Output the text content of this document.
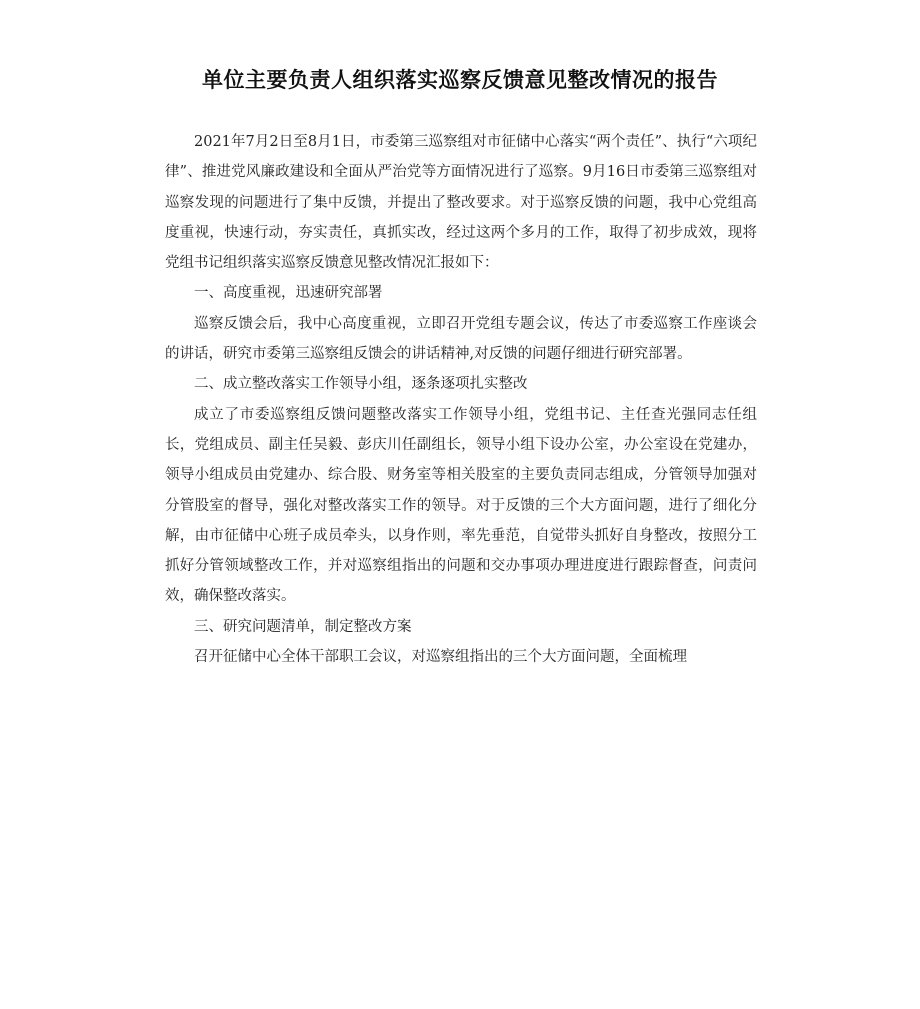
单位主要负责人组织落实巡察反馈意见整改情况的报告

2021年7月2日至8月1日，市委第三巡察组对市征储中心落实“两个责任”、执行“六项纪律”、推进党风廉政建设和全面从严治党等方面情况进行了巡察。9月16日市委第三巡察组对巡察发现的问题进行了集中反馈，并提出了整改要求。对于巡察反馈的问题，我中心党组高度重视，快速行动，夯实责任，真抓实改，经过这两个多月的工作，取得了初步成效，现将党组书记组织落实巡察反馈意见整改情况汇报如下：

一、高度重视，迅速研究部署

巡察反馈会后，我中心高度重视，立即召开党组专题会议，传达了市委巡察工作座谈会的讲话，研究市委第三巡察组反馈会的讲话精神,对反馈的问题仔细进行研究部署。

二、成立整改落实工作领导小组，逐条逐项扎实整改

成立了市委巡察组反馈问题整改落实工作领导小组，党组书记、主任查光强同志任组长，党组成员、副主任吴毅、彭庆川任副组长，领导小组下设办公室，办公室设在党建办，领导小组成员由党建办、综合股、财务室等相关股室的主要负责同志组成，分管领导加强对分管股室的督导，强化对整改落实工作的领导。对于反馈的三个大方面问题，进行了细化分解，由市征储中心班子成员牵头，以身作则，率先垂范，自觉带头抓好自身整改，按照分工抓好分管领域整改工作，并对巡察组指出的问题和交办事项办理进度进行跟踪督查，问责问效，确保整改落实。

三、研究问题清单，制定整改方案

召开征储中心全体干部职工会议，对巡察组指出的三个大方面问题，全面梳理
